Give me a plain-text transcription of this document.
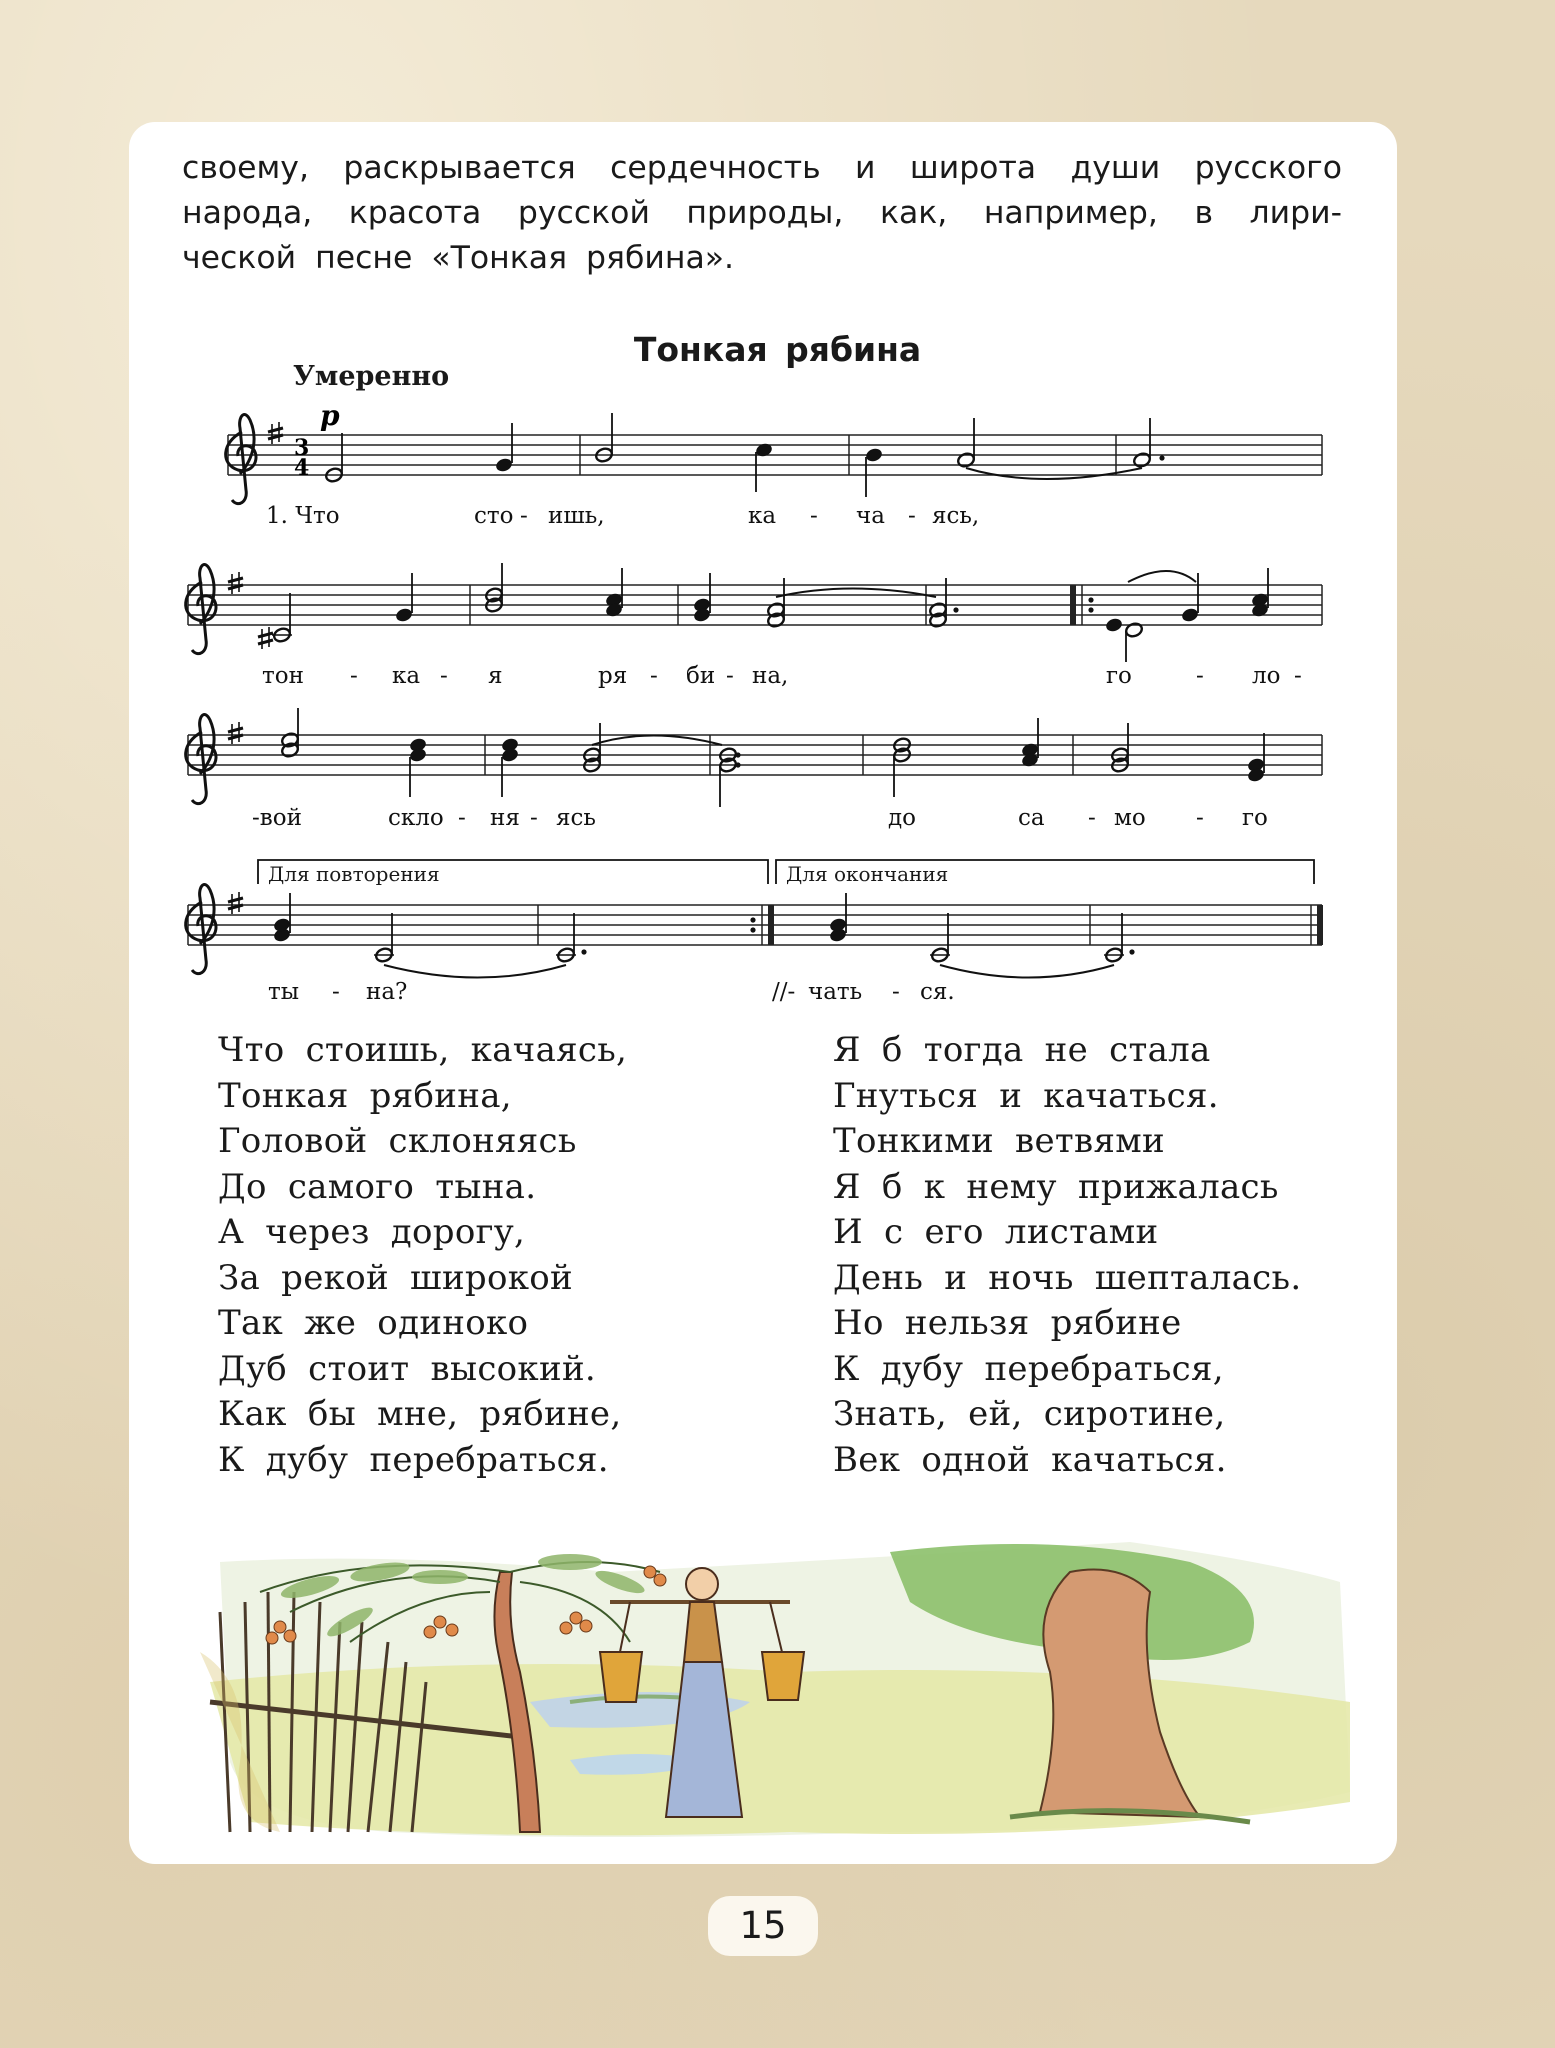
своему, раскрывается сердечность и широта души русского
народа, красота русской природы, как, например, в лири-
ческой песне «Тонкая рябина».

Тонкая рябина
Умеренно
3
4
p
1. Что	сто - ишь,	ка - ча - ясь,
тон - ка - я	ря - би - на,	го	- ло -
-вой	скло - ня - ясь	до	са - мо - го
ты - на?	//- чать - ся.
Для повторения	Для окончания
Что стоишь, качаясь,
Тонкая рябина,
Головой склоняясь
До самого тына.
А через дорогу,
За рекой широкой
Так же одиноко
Дуб стоит высокий.
Как бы мне, рябине,
К дубу перебраться.
Я б тогда не стала
Гнуться и качаться.
Тонкими ветвями
Я б к нему прижалась
И с его листами
День и ночь шепталась.
Но нельзя рябине
К дубу перебраться,
Знать, ей, сиротине,
Век одной качаться.
15
